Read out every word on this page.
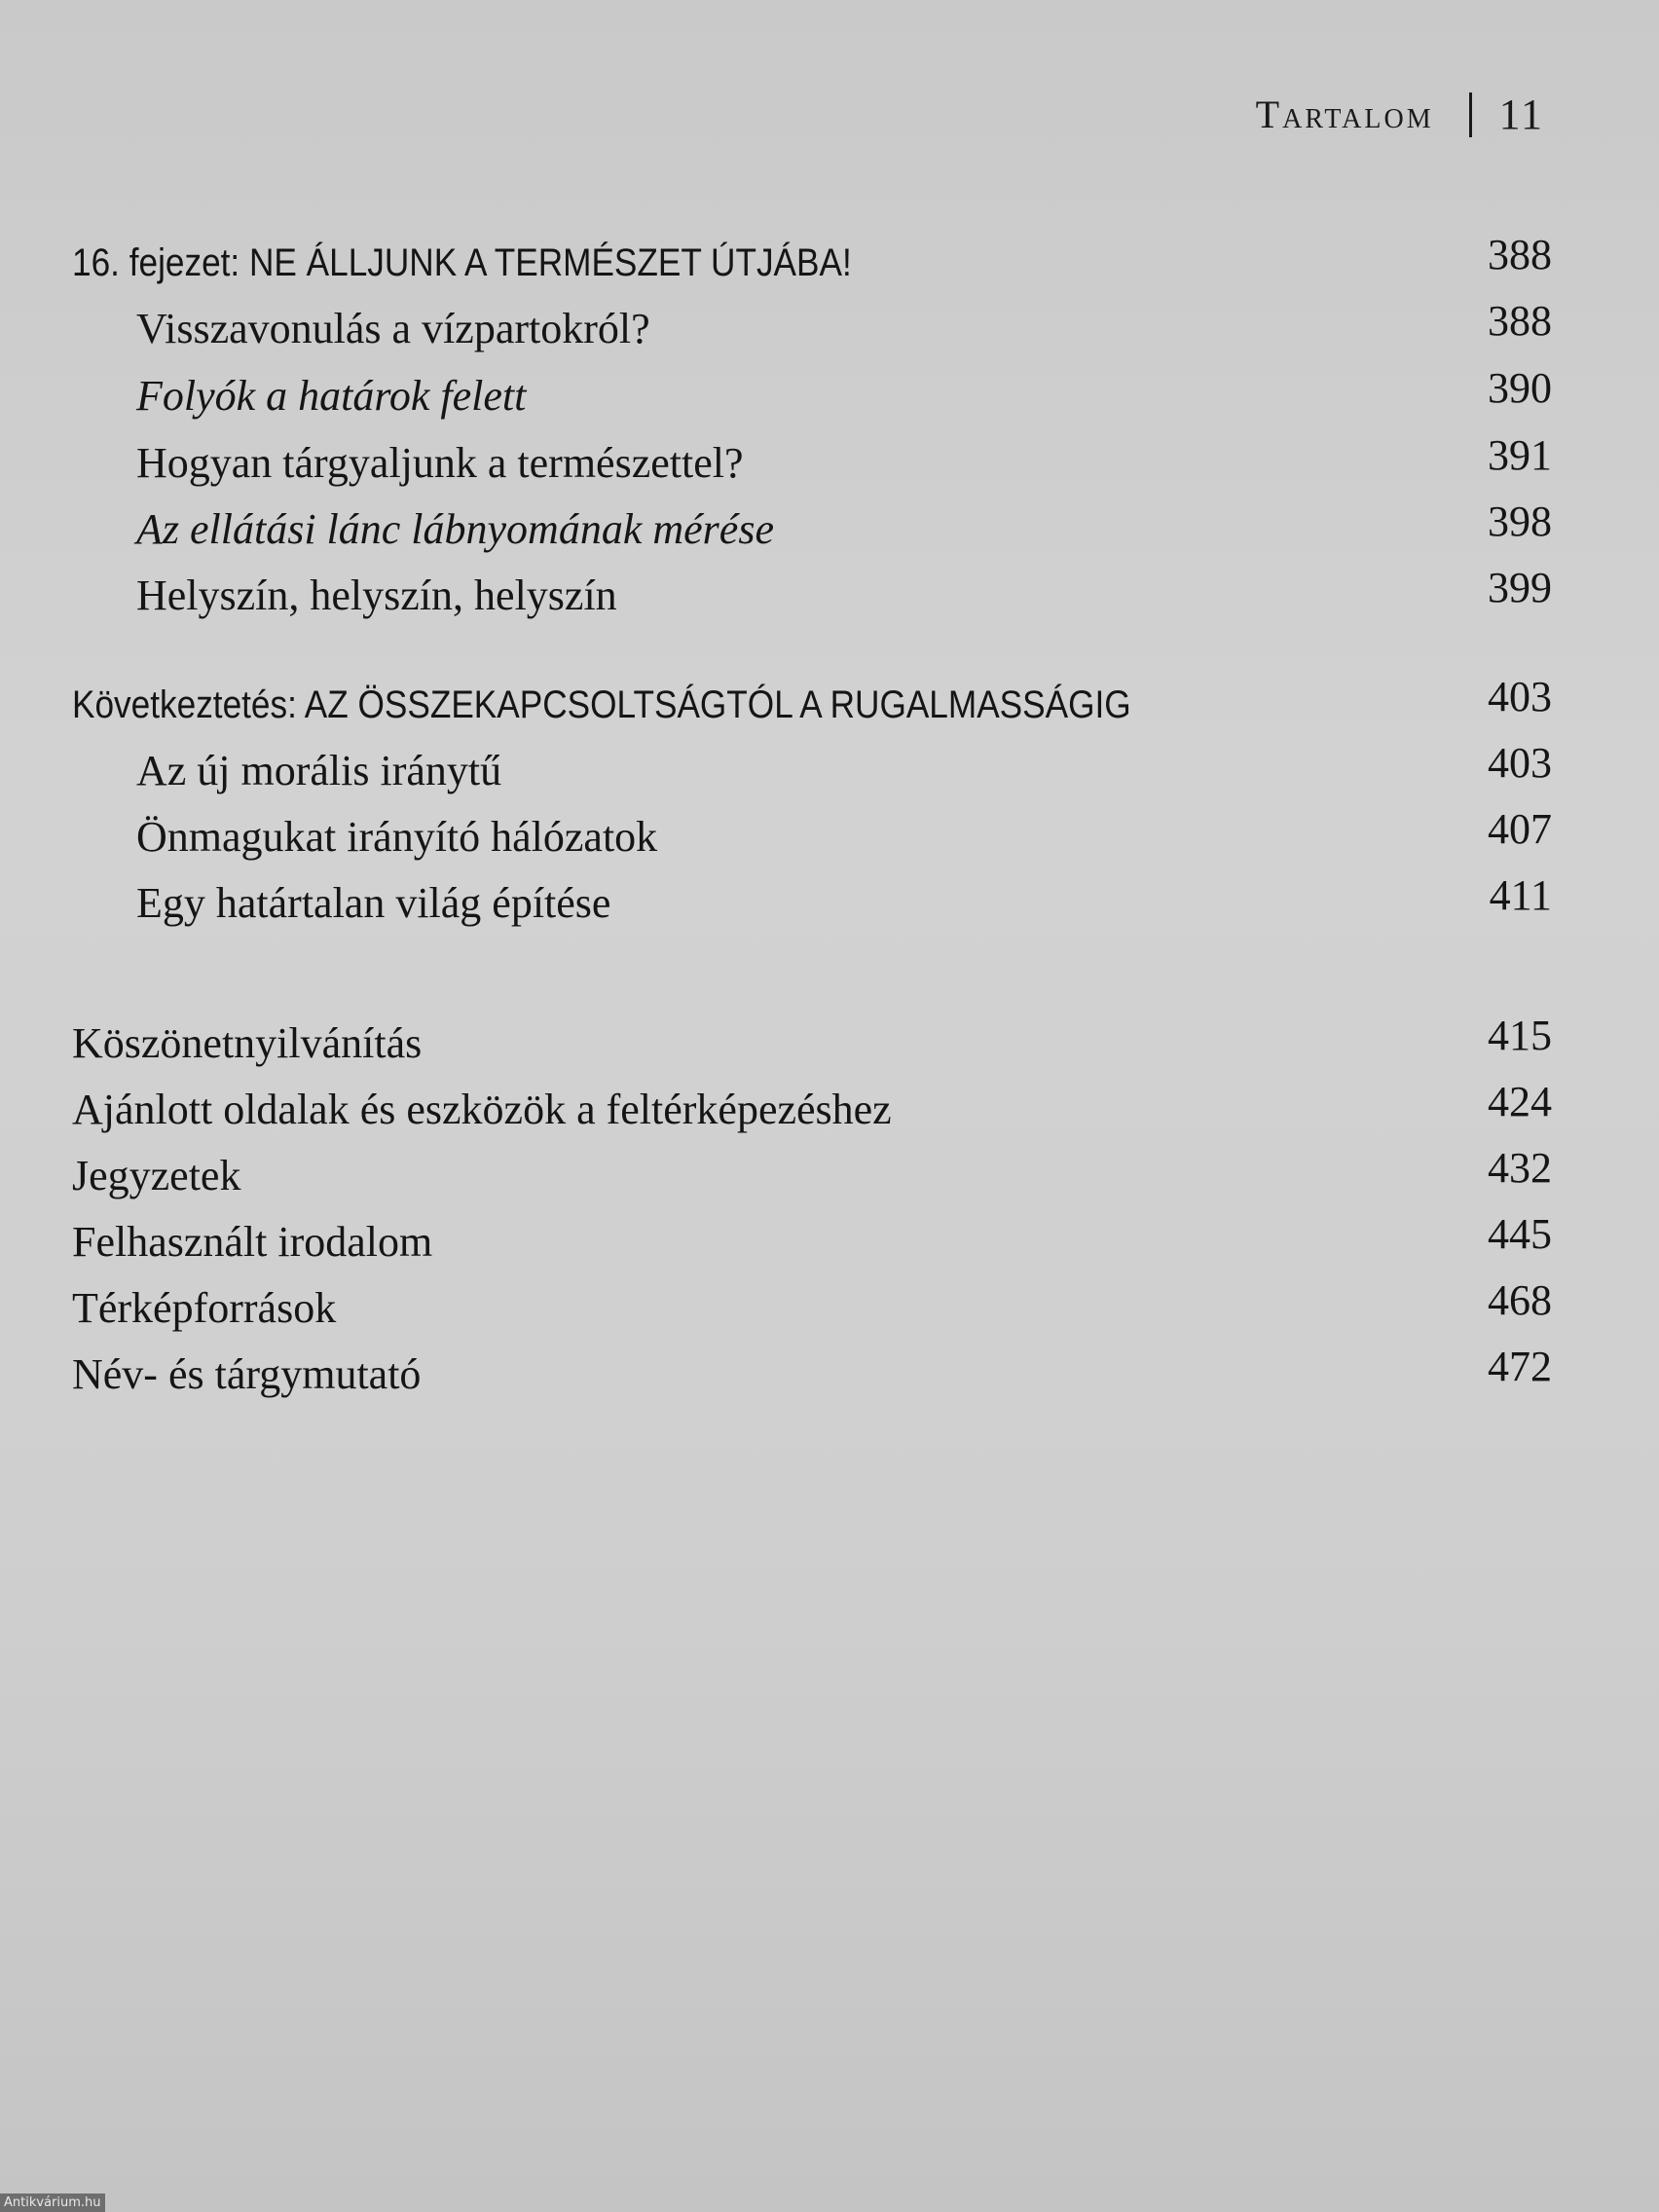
Tartalom 11
16. fejezet: NE ÁLLJUNK A TERMÉSZET ÚTJÁBA!	388
Visszavonulás a vízpartokról?	388
Folyók a határok felett	390
Hogyan tárgyaljunk a természettel?	391
Az ellátási lánc lábnyomának mérése	398
Helyszín, helyszín, helyszín	399
Következtetés: AZ ÖSSZEKAPCSOLTSÁGTÓL A RUGALMASSÁGIG	403
Az új morális iránytű	403
Önmagukat irányító hálózatok	407
Egy határtalan világ építése	411
Köszönetnyilvánítás	415
Ajánlott oldalak és eszközök a feltérképezéshez	424
Jegyzetek	432
Felhasznált irodalom	445
Térképforrások	468
Név- és tárgymutató	472
Antikvárium.hu
